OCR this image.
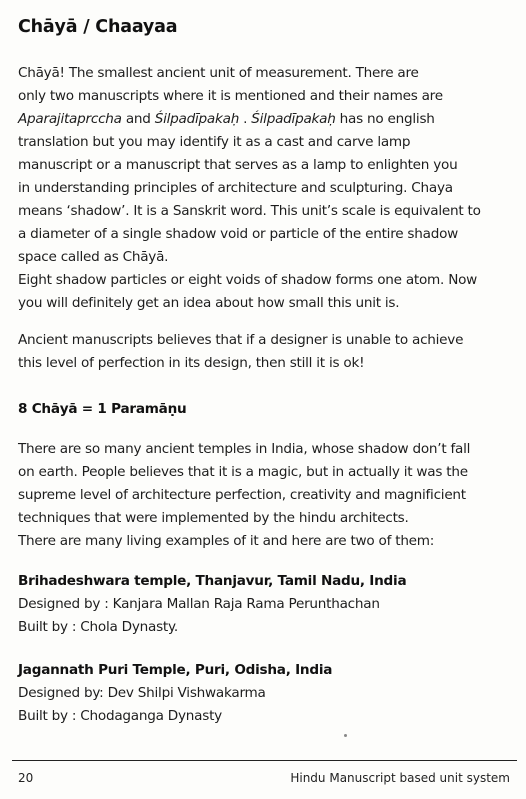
Chāyā / Chaayaa
Chāyā! The smallest ancient unit of measurement. There are
only two manuscripts where it is mentioned and their names are
Aparajitaprccha and Śilpadīpakaḥ . Śilpadīpakaḥ has no english
translation but you may identify it as a cast and carve lamp
manuscript or a manuscript that serves as a lamp to enlighten you
in understanding principles of architecture and sculpturing. Chaya
means ‘shadow’. It is a Sanskrit word. This unit’s scale is equivalent to
a diameter of a single shadow void or particle of the entire shadow
space called as Chāyā.
Eight shadow particles or eight voids of shadow forms one atom. Now
you will definitely get an idea about how small this unit is.
Ancient manuscripts believes that if a designer is unable to achieve
this level of perfection in its design, then still it is ok!
8 Chāyā = 1 Paramāṇu
There are so many ancient temples in India, whose shadow don’t fall
on earth. People believes that it is a magic, but in actually it was the
supreme level of architecture perfection, creativity and magnificient
techniques that were implemented by the hindu architects.
There are many living examples of it and here are two of them:
Brihadeshwara temple, Thanjavur, Tamil Nadu, India
Designed by : Kanjara Mallan Raja Rama Perunthachan
Built by : Chola Dynasty.
Jagannath Puri Temple, Puri, Odisha, India
Designed by: Dev Shilpi Vishwakarma
Built by : Chodaganga Dynasty
20	Hindu Manuscript based unit system
